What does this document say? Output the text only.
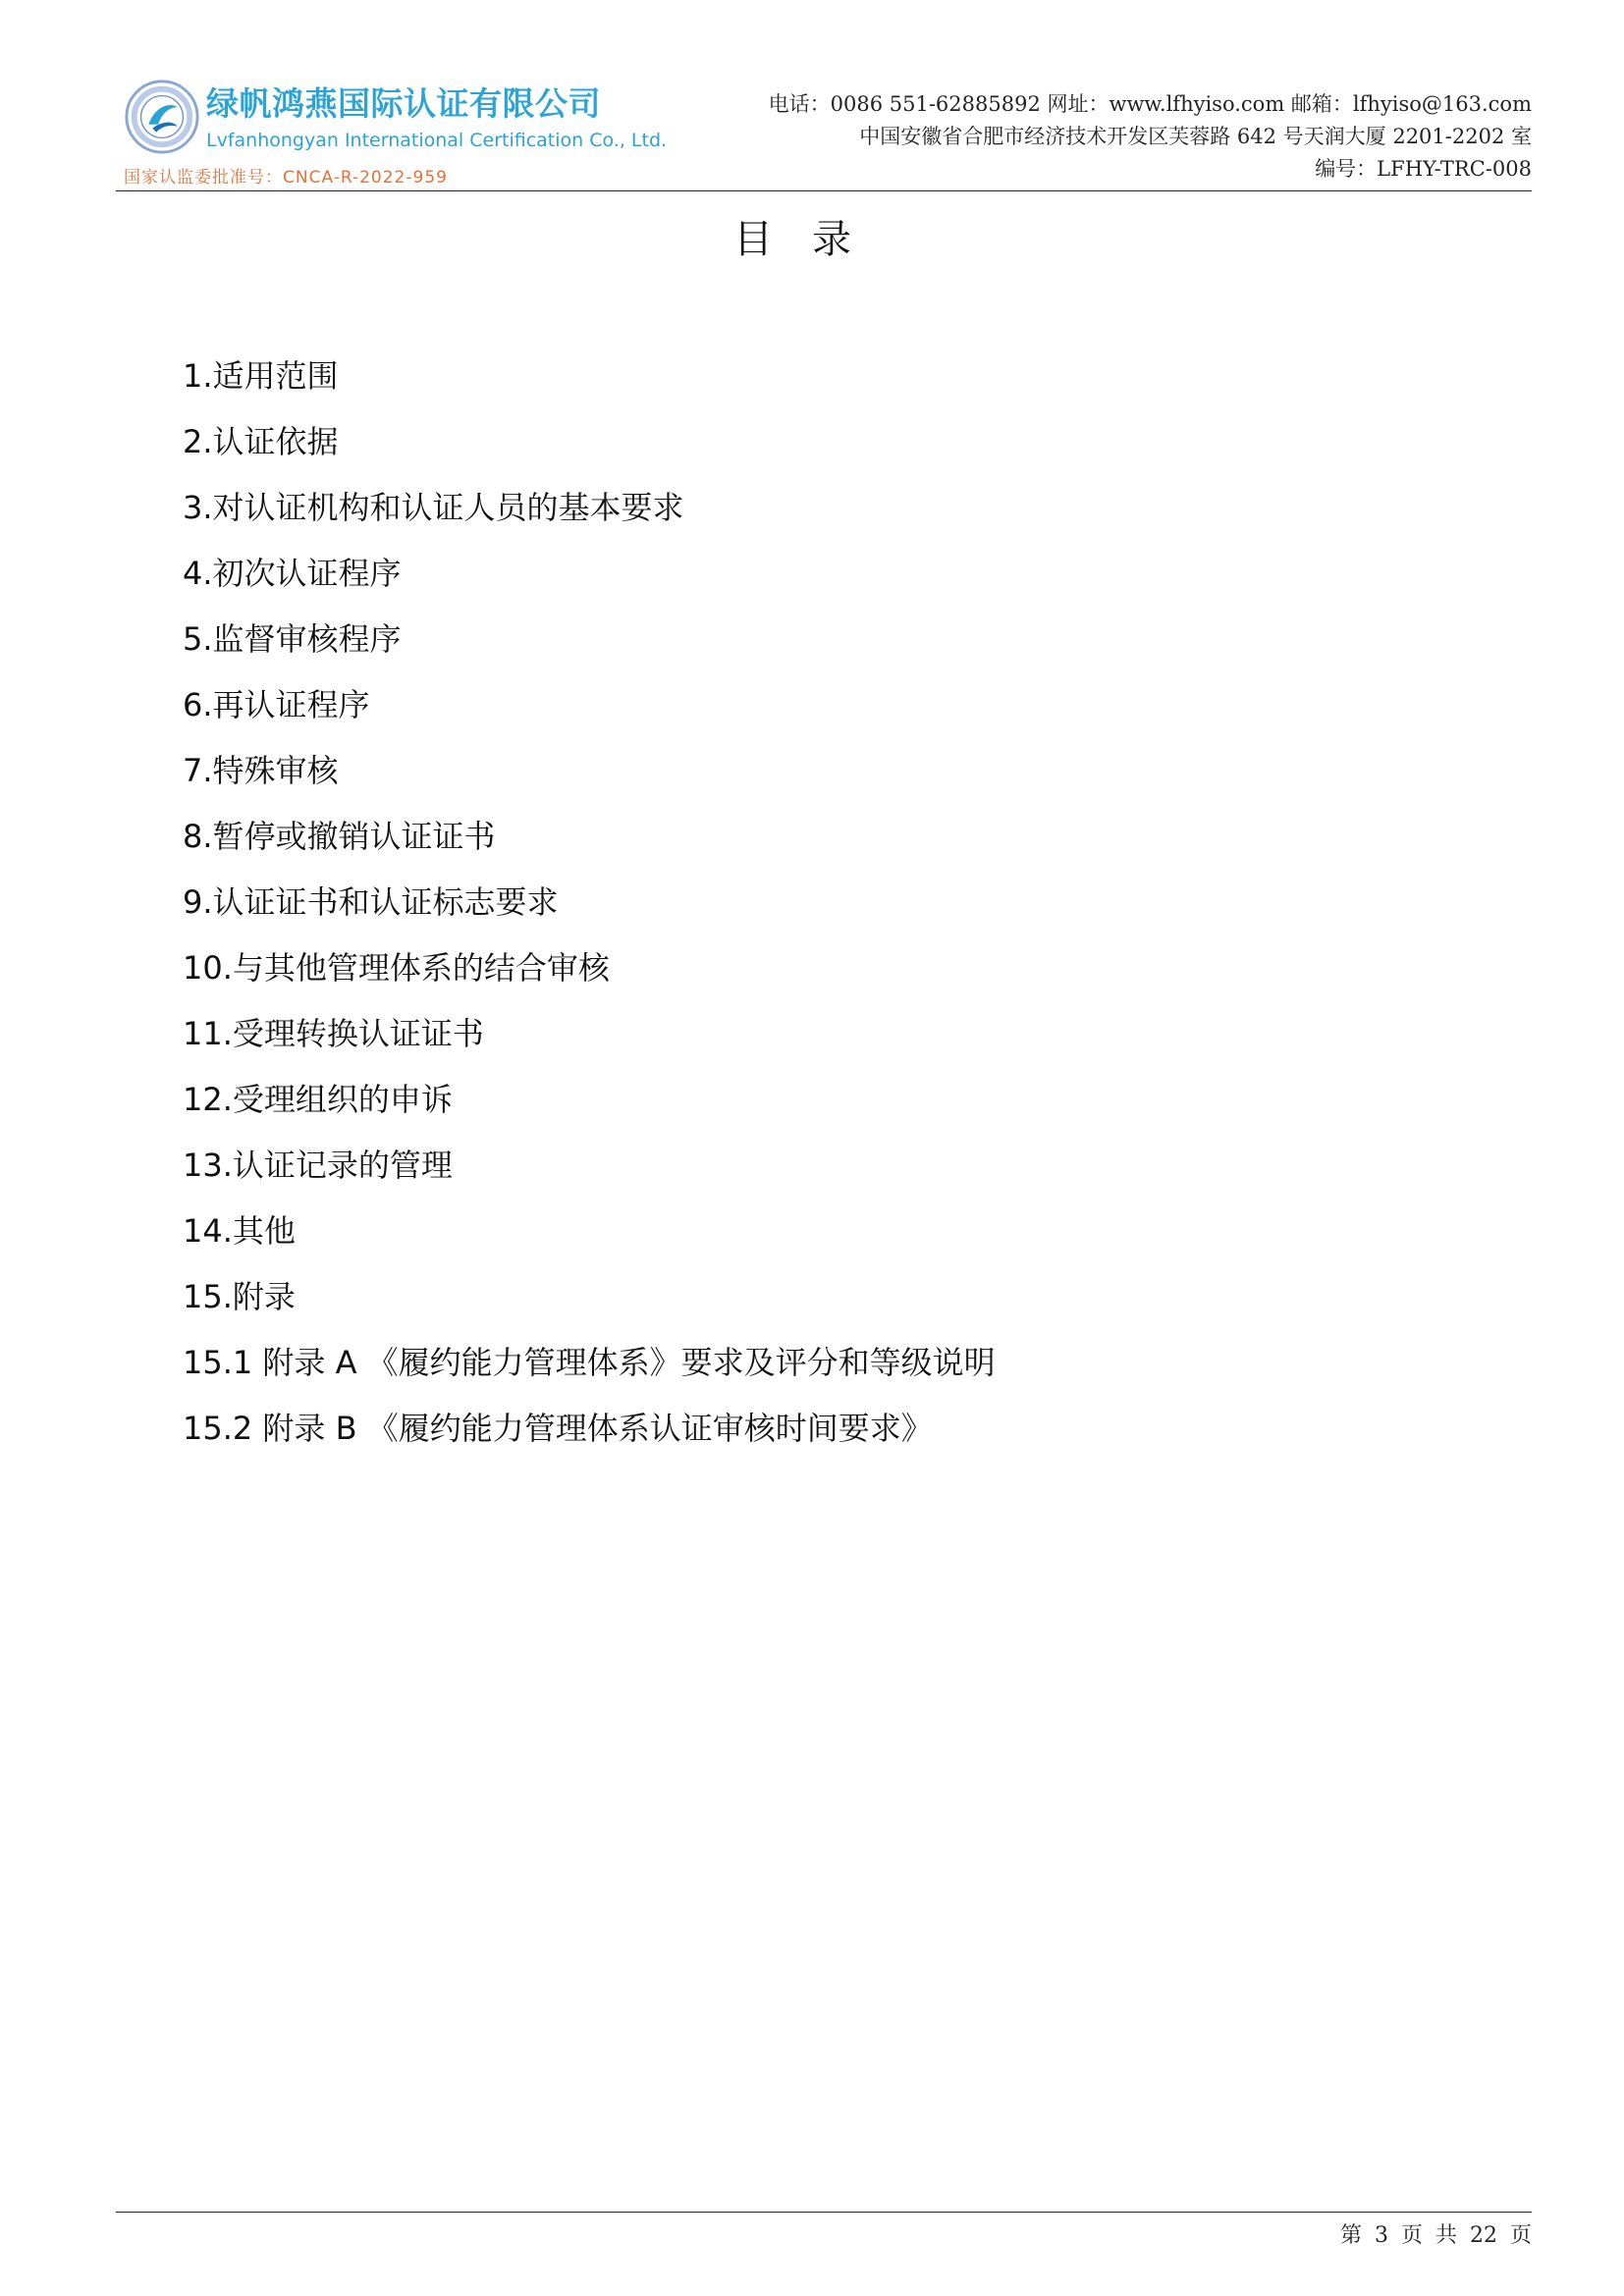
绿帆鸿燕国际认证有限公司
Lvfanhongyan International Certification Co., Ltd.
国家认监委批准号：CNCA-R-2022-959
电话：0086 551-62885892 网址：www.lfhyiso.com 邮箱：lfhyiso@163.com
中国安徽省合肥市经济技术开发区芙蓉路 642 号天润大厦 2201-2202 室
编号：LFHY-TRC-008
目录
1.适用范围
2.认证依据
3.对认证机构和认证人员的基本要求
4.初次认证程序
5.监督审核程序
6.再认证程序
7.特殊审核
8.暂停或撤销认证证书
9.认证证书和认证标志要求
10.与其他管理体系的结合审核
11.受理转换认证证书
12.受理组织的申诉
13.认证记录的管理
14.其他
15.附录
15.1 附录 A 《履约能力管理体系》要求及评分和等级说明
15.2 附录 B 《履约能力管理体系认证审核时间要求》
第 3 页 共 22 页
